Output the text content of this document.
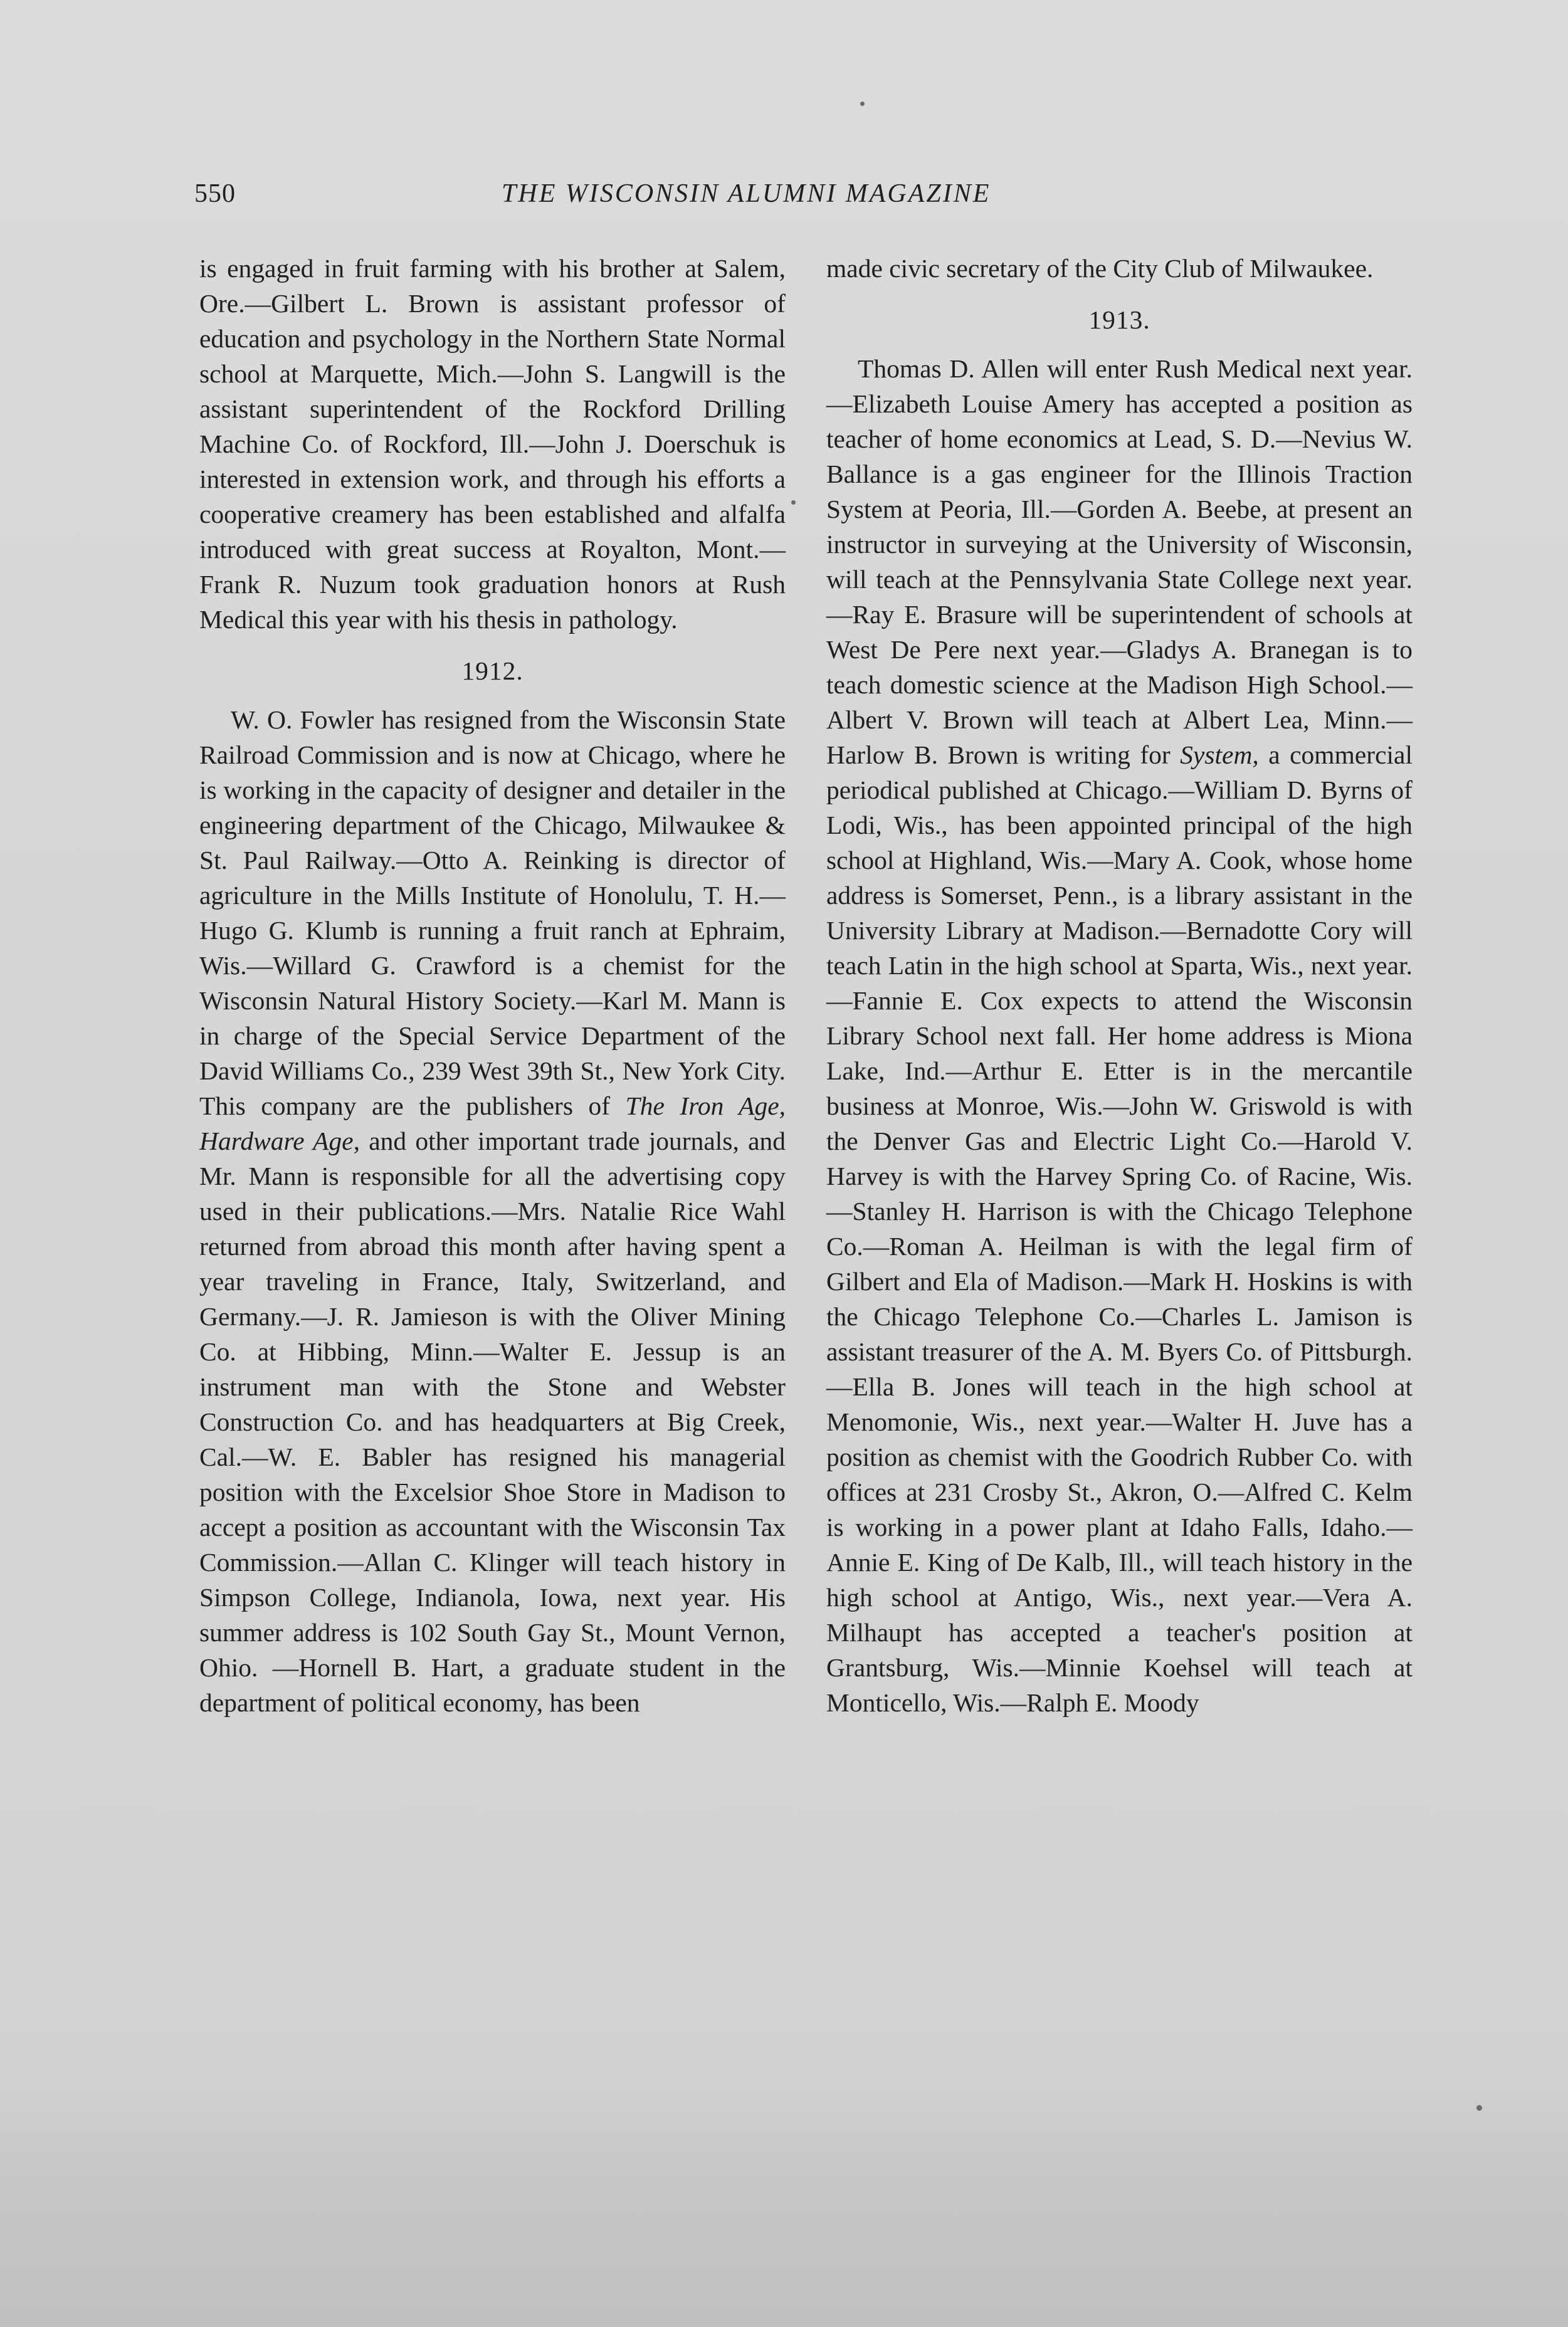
550	THE WISCONSIN ALUMNI MAGAZINE

is engaged in fruit farming with his brother at Salem, Ore.—Gilbert L. Brown is assistant professor of education and psychology in the Northern State Normal school at Marquette, Mich.—John S. Langwill is the assistant superintendent of the Rockford Drilling Machine Co. of Rockford, Ill.—John J. Doerschuk is interested in extension work, and through his efforts a cooperative creamery has been established and alfalfa introduced with great success at Royalton, Mont.—Frank R. Nuzum took graduation honors at Rush Medical this year with his thesis in pathology.

1912.

W. O. Fowler has resigned from the Wisconsin State Railroad Commission and is now at Chicago, where he is working in the capacity of designer and detailer in the engineering department of the Chicago, Milwaukee & St. Paul Railway.—Otto A. Reinking is director of agriculture in the Mills Institute of Honolulu, T. H.—Hugo G. Klumb is running a fruit ranch at Ephraim, Wis.—Willard G. Crawford is a chemist for the Wisconsin Natural History Society.—Karl M. Mann is in charge of the Special Service Department of the David Williams Co., 239 West 39th St., New York City. This company are the publishers of The Iron Age, Hardware Age, and other important trade journals, and Mr. Mann is responsible for all the advertising copy used in their publications.—Mrs. Natalie Rice Wahl returned from abroad this month after having spent a year traveling in France, Italy, Switzerland, and Germany.—J. R. Jamieson is with the Oliver Mining Co. at Hibbing, Minn.—Walter E. Jessup is an instrument man with the Stone and Webster Construction Co. and has headquarters at Big Creek, Cal.—W. E. Babler has resigned his managerial position with the Excelsior Shoe Store in Madison to accept a position as accountant with the Wisconsin Tax Commission.—Allan C. Klinger will teach history in Simpson College, Indianola, Iowa, next year. His summer address is 102 South Gay St., Mount Vernon, Ohio. —Hornell B. Hart, a graduate student in the department of political economy, has been

made civic secretary of the City Club of Milwaukee.

1913.

Thomas D. Allen will enter Rush Medical next year.—Elizabeth Louise Amery has accepted a position as teacher of home economics at Lead, S. D.—Nevius W. Ballance is a gas engineer for the Illinois Traction System at Peoria, Ill.—Gorden A. Beebe, at present an instructor in surveying at the University of Wisconsin, will teach at the Pennsylvania State College next year.—Ray E. Brasure will be superintendent of schools at West De Pere next year.—Gladys A. Branegan is to teach domestic science at the Madison High School.—Albert V. Brown will teach at Albert Lea, Minn.—Harlow B. Brown is writing for System, a commercial periodical published at Chicago.—William D. Byrns of Lodi, Wis., has been appointed principal of the high school at Highland, Wis.—Mary A. Cook, whose home address is Somerset, Penn., is a library assistant in the University Library at Madison.—Bernadotte Cory will teach Latin in the high school at Sparta, Wis., next year.—Fannie E. Cox expects to attend the Wisconsin Library School next fall. Her home address is Miona Lake, Ind.—Arthur E. Etter is in the mercantile business at Monroe, Wis.—John W. Griswold is with the Denver Gas and Electric Light Co.—Harold V. Harvey is with the Harvey Spring Co. of Racine, Wis.—Stanley H. Harrison is with the Chicago Telephone Co.—Roman A. Heilman is with the legal firm of Gilbert and Ela of Madison.—Mark H. Hoskins is with the Chicago Telephone Co.—Charles L. Jamison is assistant treasurer of the A. M. Byers Co. of Pittsburgh.—Ella B. Jones will teach in the high school at Menomonie, Wis., next year.—Walter H. Juve has a position as chemist with the Goodrich Rubber Co. with offices at 231 Crosby St., Akron, O.—Alfred C. Kelm is working in a power plant at Idaho Falls, Idaho.—Annie E. King of De Kalb, Ill., will teach history in the high school at Antigo, Wis., next year.—Vera A. Milhaupt has accepted a teacher's position at Grantsburg, Wis.—Minnie Koehsel will teach at Monticello, Wis.—Ralph E. Moody
